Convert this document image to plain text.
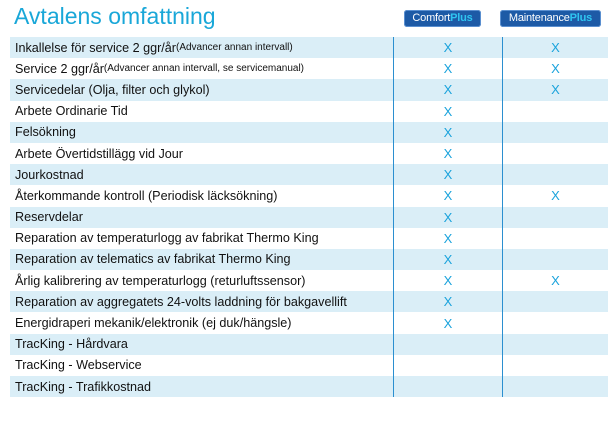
Avtalens omfattning	ComfortPlus	MaintenancePlus
Inkallelse för service 2 ggr/år (Advancer annan intervall)	X	X
Service 2 ggr/år (Advancer annan intervall, se servicemanual)	X	X
Servicedelar (Olja, filter och glykol)	X	X
Arbete Ordinarie Tid	X
Felsökning	X
Arbete Övertidstillägg vid Jour	X
Jourkostnad	X
Återkommande kontroll (Periodisk läcksökning)	X	X
Reservdelar	X
Reparation av temperaturlogg av fabrikat Thermo King	X
Reparation av telematics av fabrikat Thermo King	X
Årlig kalibrering av temperaturlogg (returluftssensor)	X	X
Reparation av aggregatets 24-volts laddning för bakgavellift	X
Energidraperi mekanik/elektronik (ej duk/hängsle)	X
TracKing - Hårdvara
TracKing - Webservice
TracKing - Trafikkostnad
